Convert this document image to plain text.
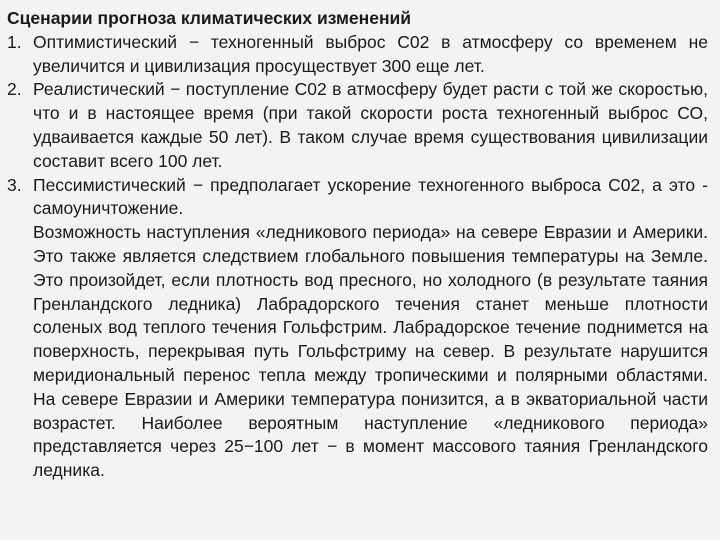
Сценарии прогноза климатических изменений
1. Оптимистический − техногенный выброс С02 в атмосферу со временем не увеличится и цивилизация просуществует 300 еще лет.
2. Реалистический − поступление С02 в атмосферу будет расти с той же скоростью, что и в настоящее время (при такой скорости роста техногенный выброс СО, удваивается каждые 50 лет). В таком случае время существования цивилизации составит всего 100 лет.
3. Пессимистический − предполагает ускорение техногенного выброса С02, а это - самоуничтожение.
Возможность наступления «ледникового периода» на севере Евразии и Америки. Это также является следствием глобального повышения температуры на Земле. Это произойдет, если плотность вод пресного, но холодного (в результате таяния Гренландского ледника) Лабрадорского течения станет меньше плотности соленых вод теплого течения Гольфстрим. Лабрадорское течение поднимется на поверхность, перекрывая путь Гольфстриму на север. В результате нарушится меридиональный перенос тепла между тропическими и полярными областями. На севере Евразии и Америки температура понизится, а в экваториальной части возрастет. Наиболее вероятным наступление «ледникового периода» представляется через 25−100 лет − в момент массового таяния Гренландского ледника.
